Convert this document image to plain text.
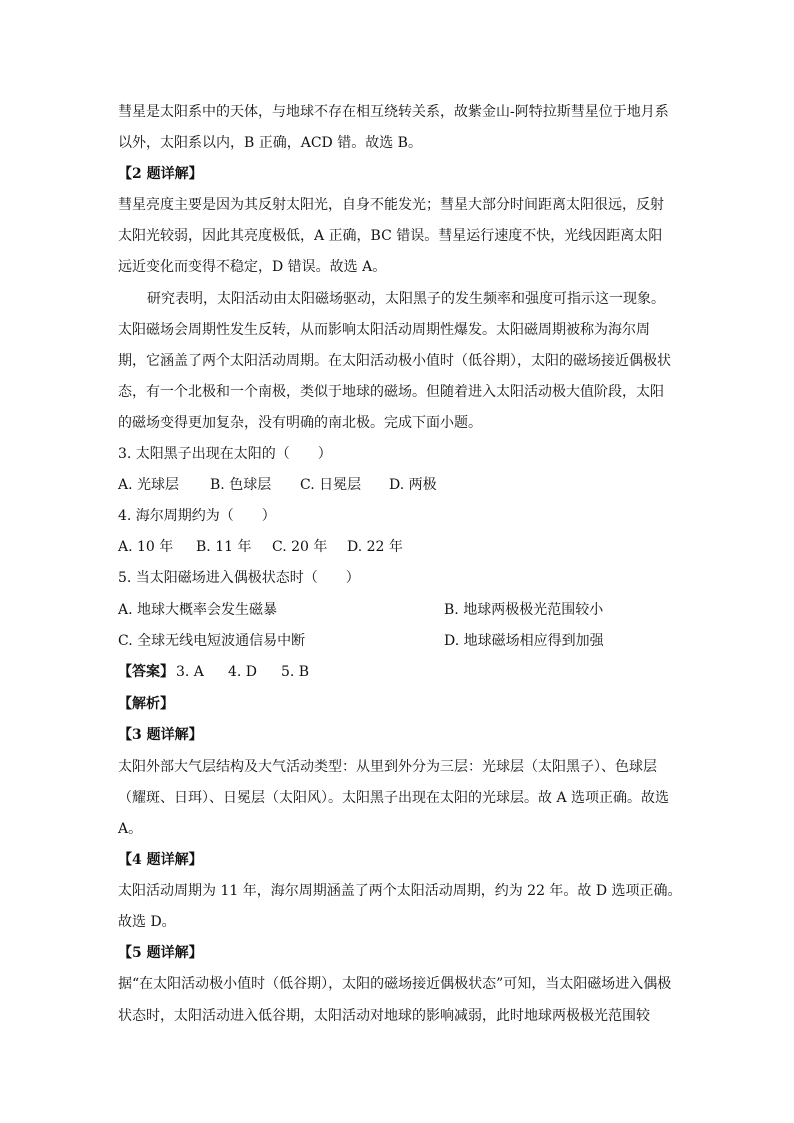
彗星是太阳系中的天体，与地球不存在相互绕转关系，故紫金山-阿特拉斯彗星位于地月系
以外，太阳系以内，B 正确，ACD 错。故选 B。
【2 题详解】
彗星亮度主要是因为其反射太阳光，自身不能发光；彗星大部分时间距离太阳很远，反射
太阳光较弱，因此其亮度极低，A 正确，BC 错误。彗星运行速度不快，光线因距离太阳
远近变化而变得不稳定，D 错误。故选 A。
研究表明，太阳活动由太阳磁场驱动，太阳黑子的发生频率和强度可指示这一现象。
太阳磁场会周期性发生反转，从而影响太阳活动周期性爆发。太阳磁周期被称为海尔周
期，它涵盖了两个太阳活动周期。在太阳活动极小值时（低谷期），太阳的磁场接近偶极状
态，有一个北极和一个南极，类似于地球的磁场。但随着进入太阳活动极大值阶段，太阳
的磁场变得更加复杂，没有明确的南北极。完成下面小题。
3. 太阳黑子出现在太阳的（　　）
A. 光球层 B. 色球层 C. 日冕层 D. 两极
4. 海尔周期约为（　　）
A. 10 年 B. 11 年 C. 20 年 D. 22 年
5. 当太阳磁场进入偶极状态时（　　）
A. 地球大概率会发生磁暴	B. 地球两极极光范围较小
C. 全球无线电短波通信易中断	D. 地球磁场相应得到加强
【答案】 3. A 4. D 5. B
【解析】
【3 题详解】
太阳外部大气层结构及大气活动类型：从里到外分为三层：光球层（太阳黑子）、色球层
（耀斑、日珥）、日冕层（太阳风）。太阳黑子出现在太阳的光球层。故 A 选项正确。故选
A。
【4 题详解】
太阳活动周期为 11 年，海尔周期涵盖了两个太阳活动周期，约为 22 年。故 D 选项正确。
故选 D。
【5 题详解】
据“在太阳活动极小值时（低谷期），太阳的磁场接近偶极状态”可知，当太阳磁场进入偶极
状态时，太阳活动进入低谷期，太阳活动对地球的影响减弱，此时地球两极极光范围较
